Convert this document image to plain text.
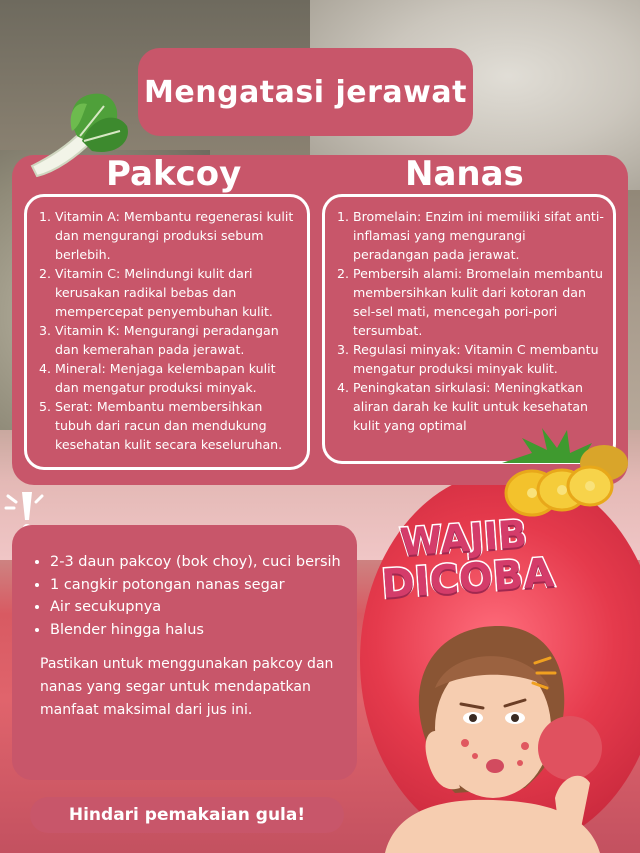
Mengatasi jerawat
Pakcoy	Nanas
1. Vitamin A: Membantu regenerasi kulit dan mengurangi produksi sebum berlebih.
2. Vitamin C: Melindungi kulit dari kerusakan radikal bebas dan mempercepat penyembuhan kulit.
3. Vitamin K: Mengurangi peradangan dan kemerahan pada jerawat.
4. Mineral: Menjaga kelembapan kulit dan mengatur produksi minyak.
5. Serat: Membantu membersihkan tubuh dari racun dan mendukung kesehatan kulit secara keseluruhan.
1. Bromelain: Enzim ini memiliki sifat anti-inflamasi yang mengurangi peradangan pada jerawat.
2. Pembersih alami: Bromelain membantu membersihkan kulit dari kotoran dan sel-sel mati, mencegah pori-pori tersumbat.
3. Regulasi minyak: Vitamin C membantu mengatur produksi minyak kulit.
4. Peningkatan sirkulasi: Meningkatkan aliran darah ke kulit untuk kesehatan kulit yang optimal
• 2-3 daun pakcoy (bok choy), cuci bersih
• 1 cangkir potongan nanas segar
• Air secukupnya
• Blender hingga halus

Pastikan untuk menggunakan pakcoy dan nanas yang segar untuk mendapatkan manfaat maksimal dari jus ini.

WAJIB
DICOBA
Hindari pemakaian gula!
